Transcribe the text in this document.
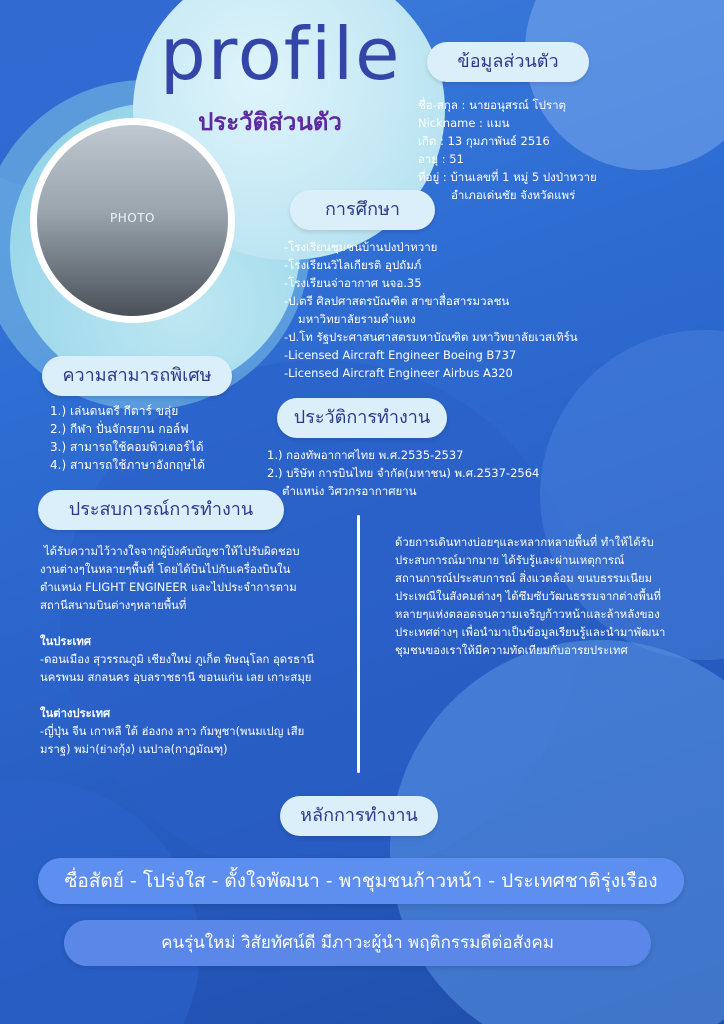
profile
ประวัติส่วนตัว
PHOTO
ข้อมูลส่วนตัว
ชื่อ-สกุล : นายอนุสรณ์ โปราตุ
Nickname : แมน
เกิด : 13 กุมภาพันธ์ 2516
อายุ : 51
ที่อยู่ : บ้านเลขที่ 1 หมู่ 5 ปงป่าหวาย
อำเภอเด่นชัย จังหวัดแพร่
การศึกษา
-โรงเรียนชุมชนบ้านปงป่าหวาย
-โรงเรียนวิไลเกียรติ อุปถัมภ์
-โรงเรียนจ่าอากาศ นจอ.35
-ป.ตรี ศิลปศาสตรบัณฑิต สาขาสื่อสารมวลชน
มหาวิทยาลัยรามคำแหง
-ป.โท รัฐประศาสนศาสตรมหาบัณฑิต มหาวิทยาลัยเวสเทิร์น
-Licensed Aircraft Engineer Boeing B737
-Licensed Aircraft Engineer Airbus A320
ความสามารถพิเศษ
1.) เล่นดนตรี กีตาร์ ขลุ่ย
2.) กีฬา ปั่นจักรยาน กอล์ฟ
3.) สามารถใช้คอมพิวเตอร์ได้
4.) สามารถใช้ภาษาอังกฤษได้
ประวัติการทำงาน
1.) กองทัพอากาศไทย พ.ศ.2535-2537
2.) บริษัท การบินไทย จำกัด(มหาชน) พ.ศ.2537-2564
ตำแหน่ง วิศวกรอากาศยาน
ประสบการณ์การทำงาน
ได้รับความไว้วางใจจากผู้บังคับบัญชาให้ไปรับผิดชอบงานต่างๆในหลายๆพื้นที่ โดยได้บินไปกับเครื่องบินในตำแหน่ง FLIGHT ENGINEER และไปประจำการตามสถานีสนามบินต่างๆหลายพื้นที่
ในประเทศ
-ดอนเมือง สุวรรณภูมิ เชียงใหม่ ภูเก็ต พิษณุโลก อุดรธานี นครพนม สกลนคร อุบลราชธานี ขอนแก่น เลย เกาะสมุย
ในต่างประเทศ
-ญี่ปุ่น จีน เกาหลี ใต้ ฮ่องกง ลาว กัมพูชา(พนมเปญ เสียมราฐ) พม่า(ย่างกุ้ง) เนปาล(กาฎมัณฑุ)
ด้วยการเดินทางบ่อยๆและหลากหลายพื้นที่ ทำให้ได้รับประสบการณ์มากมาย ได้รับรู้และผ่านเหตุการณ์สถานการณ์ประสบการณ์ สิ่งแวดล้อม ขนบธรรมเนียมประเพณีในสังคมต่างๆ ได้ซึมซับวัฒนธรรมจากต่างพื้นที่หลายๆแห่งตลอดจนความเจริญก้าวหน้าและล้าหลังของประเทศต่างๆ เพื่อนำมาเป็นข้อมูลเรียนรู้และนำมาพัฒนาชุมชนของเราให้มีความทัดเทียมกับอารยประเทศ
หลักการทำงาน
ซื่อสัตย์ - โปร่งใส - ตั้งใจพัฒนา - พาชุมชนก้าวหน้า - ประเทศชาติรุ่งเรือง
คนรุ่นใหม่ วิสัยทัศน์ดี มีภาวะผู้นำ พฤติกรรมดีต่อสังคม
